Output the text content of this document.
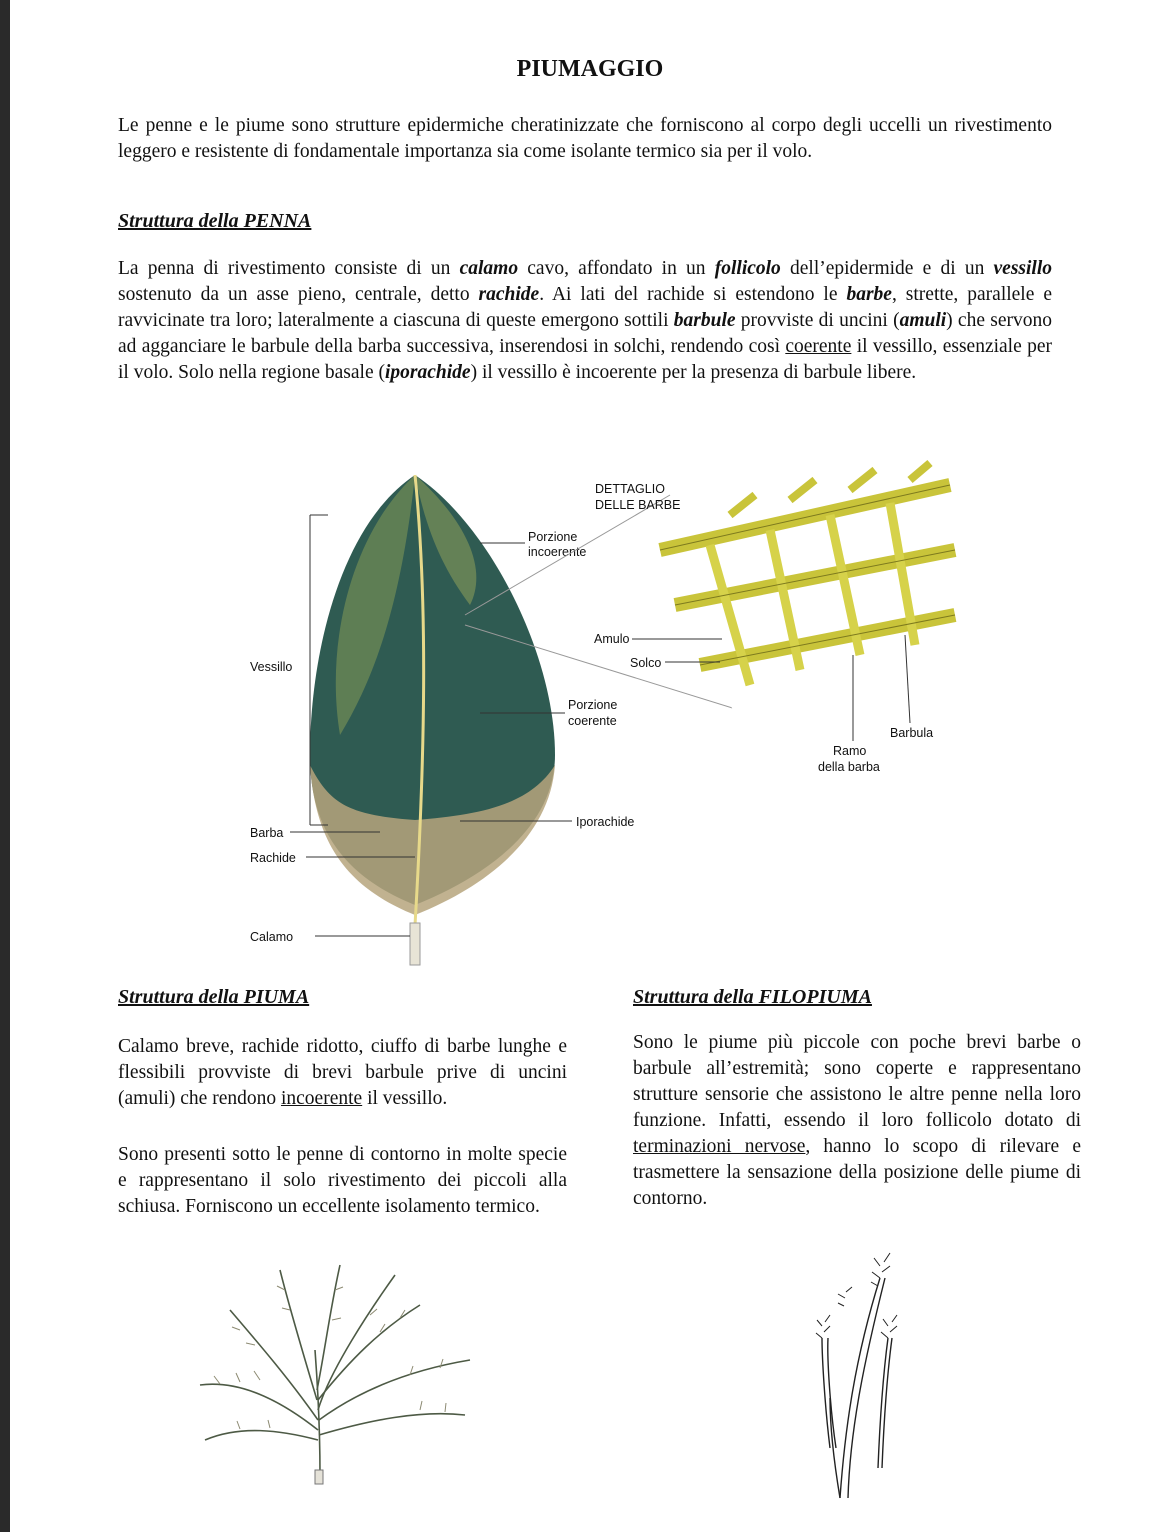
PIUMAGGIO
Le penne e le piume sono strutture epidermiche cheratinizzate che forniscono al corpo degli uccelli un rivestimento leggero e resistente di fondamentale importanza sia come isolante termico sia per il volo.
Struttura della PENNA
La penna di rivestimento consiste di un calamo cavo, affondato in un follicolo dell’epidermide e di un vessillo sostenuto da un asse pieno, centrale, detto rachide. Ai lati del rachide si estendono le barbe, strette, parallele e ravvicinate tra loro; lateralmente a ciascuna di queste emergono sottili barbule provviste di uncini (amuli) che servono ad agganciare le barbule della barba successiva, inserendosi in solchi, rendendo così coerente il vessillo, essenziale per il volo. Solo nella regione basale (iporachide) il vessillo è incoerente per la presenza di barbule libere.
Vessillo
Barba
Rachide
Calamo
Porzione
incoerente
Porzione
coerente
Iporachide
DETTAGLIO
DELLE BARBE
Amulo
Solco
Barbula
Ramo
della barba
Struttura della PIUMA
Calamo breve, rachide ridotto, ciuffo di barbe lunghe e flessibili provviste di brevi barbule prive di uncini (amuli) che rendono incoerente il vessillo.
Sono presenti sotto le penne di contorno in molte specie e rappresentano il solo rivestimento dei piccoli alla schiusa. Forniscono un eccellente isolamento termico.
Struttura della FILOPIUMA
Sono le piume più piccole con poche brevi barbe o barbule all’estremità; sono coperte e rappresentano strutture sensorie che assistono le altre penne nella loro funzione. Infatti, essendo il loro follicolo dotato di terminazioni nervose, hanno lo scopo di rilevare e trasmettere la sensazione della posizione delle piume di contorno.
